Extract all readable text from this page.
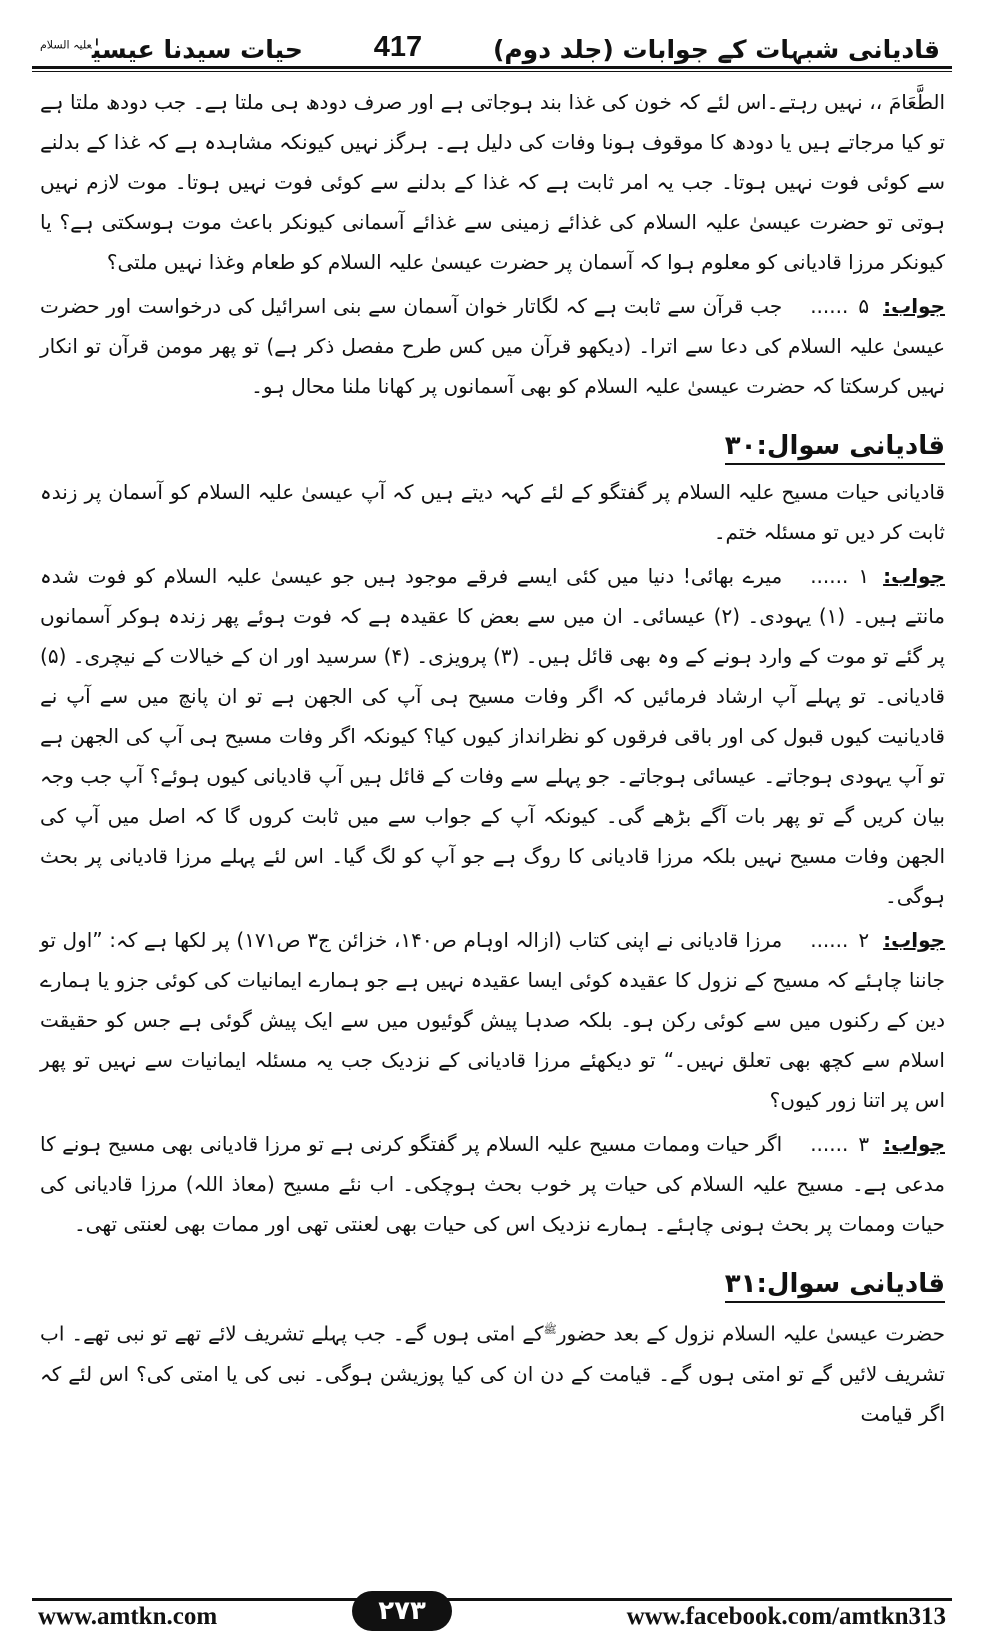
قادیانی شبہات کے جوابات (جلد دوم)
417
حیات سیدنا عیسیٰ$^{علیہ السلام}$

الطَّعَامَ ،، نہیں رہتے۔اس لئے کہ خون کی غذا بند ہوجاتی ہے اور صرف دودھ ہی ملتا ہے۔ جب دودھ ملتا ہے تو کیا مرجاتے ہیں یا دودھ کا موقوف ہونا وفات کی دلیل ہے۔ ہرگز نہیں کیونکہ مشاہدہ ہے کہ غذا کے بدلنے سے کوئی فوت نہیں ہوتا۔ جب یہ امر ثابت ہے کہ غذا کے بدلنے سے کوئی فوت نہیں ہوتا۔ موت لازم نہیں ہوتی تو حضرت عیسیٰ علیہ السلام کی غذائے زمینی سے غذائے آسمانی کیونکر باعث موت ہوسکتی ہے؟ یا کیونکر مرزا قادیانی کو معلوم ہوا کہ آسمان پر حضرت عیسیٰ علیہ السلام کو طعام وغذا نہیں ملتی؟

جواب:۵......جب قرآن سے ثابت ہے کہ لگاتار خوان آسمان سے بنی اسرائیل کی درخواست اور حضرت عیسیٰ علیہ السلام کی دعا سے اترا۔ (دیکھو قرآن میں کس طرح مفصل ذکر ہے) تو پھر مومن قرآن تو انکار نہیں کرسکتا کہ حضرت عیسیٰ علیہ السلام کو بھی آسمانوں پر کھانا ملنا محال ہو۔

قادیانی سوال:۳۰

قادیانی حیات مسیح علیہ السلام پر گفتگو کے لئے کہہ دیتے ہیں کہ آپ عیسیٰ علیہ السلام کو آسمان پر زندہ ثابت کر دیں تو مسئلہ ختم۔

جواب:۱......میرے بھائی! دنیا میں کئی ایسے فرقے موجود ہیں جو عیسیٰ علیہ السلام کو فوت شدہ مانتے ہیں۔ (۱) یہودی۔ (۲) عیسائی۔ ان میں سے بعض کا عقیدہ ہے کہ فوت ہوئے پھر زندہ ہوکر آسمانوں پر گئے تو موت کے وارد ہونے کے وہ بھی قائل ہیں۔ (۳) پرویزی۔ (۴) سرسید اور ان کے خیالات کے نیچری۔ (۵) قادیانی۔ تو پہلے آپ ارشاد فرمائیں کہ اگر وفات مسیح ہی آپ کی الجھن ہے تو ان پانچ میں سے آپ نے قادیانیت کیوں قبول کی اور باقی فرقوں کو نظرانداز کیوں کیا؟ کیونکہ اگر وفات مسیح ہی آپ کی الجھن ہے تو آپ یہودی ہوجاتے۔ عیسائی ہوجاتے۔ جو پہلے سے وفات کے قائل ہیں آپ قادیانی کیوں ہوئے؟ آپ جب وجہ بیان کریں گے تو پھر بات آگے بڑھے گی۔ کیونکہ آپ کے جواب سے میں ثابت کروں گا کہ اصل میں آپ کی الجھن وفات مسیح نہیں بلکہ مرزا قادیانی کا روگ ہے جو آپ کو لگ گیا۔ اس لئے پہلے مرزا قادیانی پر بحث ہوگی۔

جواب:۲......مرزا قادیانی نے اپنی کتاب (ازالہ اوہام ص۱۴۰، خزائن ج۳ ص۱۷۱) پر لکھا ہے کہ: ”اول تو جاننا چاہئے کہ مسیح کے نزول کا عقیدہ کوئی ایسا عقیدہ نہیں ہے جو ہمارے ایمانیات کی کوئی جزو یا ہمارے دین کے رکنوں میں سے کوئی رکن ہو۔ بلکہ صدہا پیش گوئیوں میں سے ایک پیش گوئی ہے جس کو حقیقت اسلام سے کچھ بھی تعلق نہیں۔“ تو دیکھئے مرزا قادیانی کے نزدیک جب یہ مسئلہ ایمانیات سے نہیں تو پھر اس پر اتنا زور کیوں؟

جواب:۳......اگر حیات وممات مسیح علیہ السلام پر گفتگو کرنی ہے تو مرزا قادیانی بھی مسیح ہونے کا مدعی ہے۔ مسیح علیہ السلام کی حیات پر خوب بحث ہوچکی۔ اب نئے مسیح (معاذ اللہ) مرزا قادیانی کی حیات وممات پر بحث ہونی چاہئے۔ ہمارے نزدیک اس کی حیات بھی لعنتی تھی اور ممات بھی لعنتی تھی۔

قادیانی سوال:۳۱

حضرت عیسیٰ علیہ السلام نزول کے بعد حضور$^ﷺ$کے امتی ہوں گے۔ جب پہلے تشریف لائے تھے تو نبی تھے۔ اب تشریف لائیں گے تو امتی ہوں گے۔ قیامت کے دن ان کی کیا پوزیشن ہوگی۔ نبی کی یا امتی کی؟ اس لئے کہ اگر قیامت

www.amtkn.com	۲۷۳	www.facebook.com/amtkn313
